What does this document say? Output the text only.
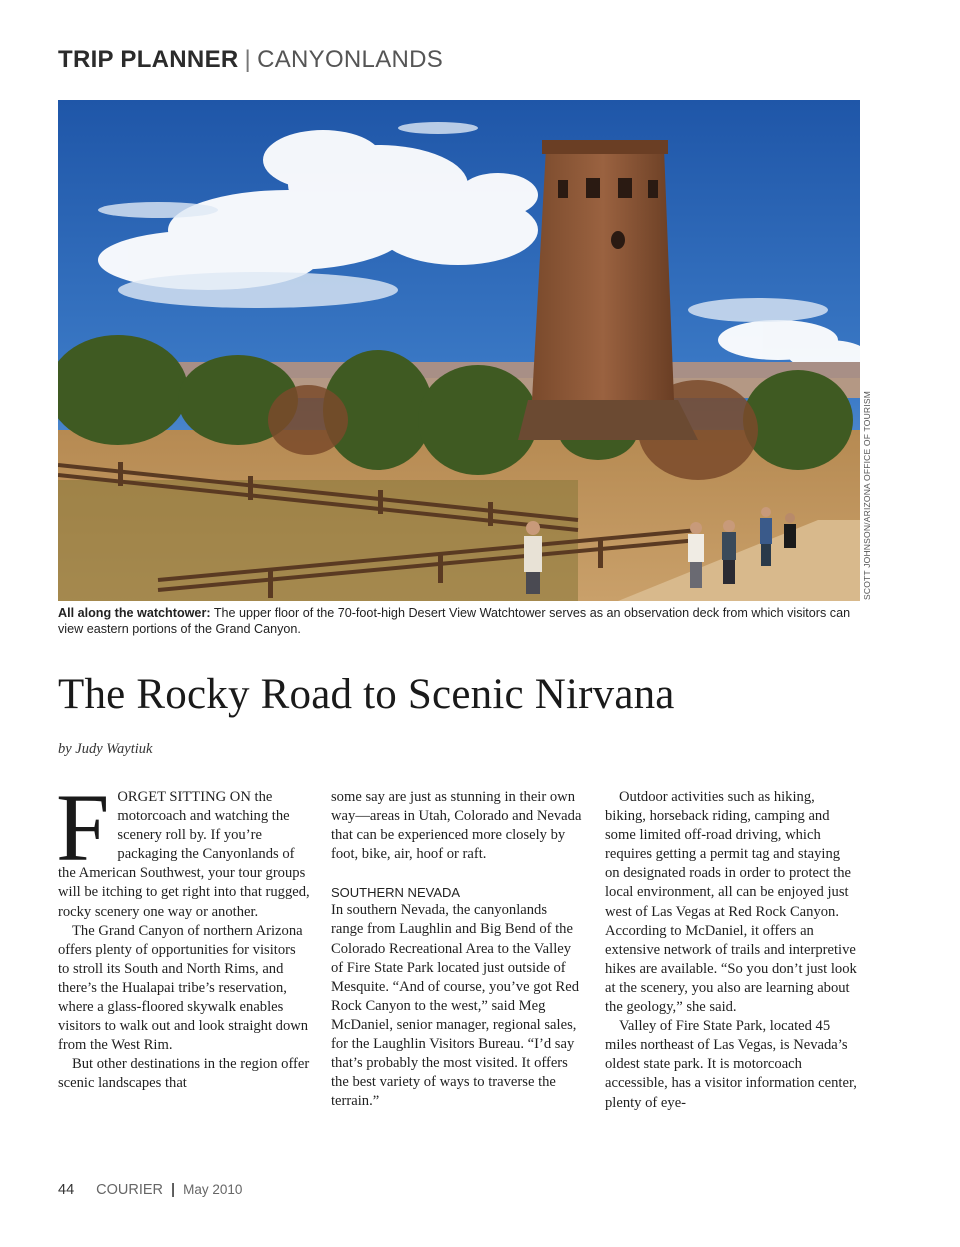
TRIP PLANNER | CANYONLANDS
SCOTT JOHNSON/ARIZONA OFFICE OF TOURISM
All along the watchtower: The upper floor of the 70-foot-high Desert View Watchtower serves as an observation deck from which visitors can view eastern portions of the Grand Canyon.
The Rocky Road to Scenic Nirvana
by Judy Waytiuk

FORGET SITTING ON the motorcoach and watching the scenery roll by. If you’re packaging the Canyonlands of the American Southwest, your tour groups will be itching to get right into that rugged, rocky scenery one way or another.

The Grand Canyon of northern Arizona offers plenty of opportunities for visitors to stroll its South and North Rims, and there’s the Hualapai tribe’s reservation, where a glass-floored skywalk enables visitors to walk out and look straight down from the West Rim.

But other destinations in the region offer scenic landscapes that

some say are just as stunning in their own way—areas in Utah, Colorado and Nevada that can be experienced more closely by foot, bike, air, hoof or raft.

SOUTHERN NEVADA

In southern Nevada, the canyonlands range from Laughlin and Big Bend of the Colorado Recreational Area to the Valley of Fire State Park located just outside of Mesquite. “And of course, you’ve got Red Rock Canyon to the west,” said Meg McDaniel, senior manager, regional sales, for the Laughlin Visitors Bureau. “I’d say that’s probably the most visited. It offers the best variety of ways to traverse the terrain.”

Outdoor activities such as hiking, biking, horseback riding, camping and some limited off-road driving, which requires getting a permit tag and staying on designated roads in order to protect the local environment, all can be enjoyed just west of Las Vegas at Red Rock Canyon. According to McDaniel, it offers an extensive network of trails and interpretive hikes are available. “So you don’t just look at the scenery, you also are learning about the geology,” she said.

Valley of Fire State Park, located 45 miles northeast of Las Vegas, is Nevada’s oldest state park. It is motorcoach accessible, has a visitor information center, plenty of eye-

44 COURIER | May 2010
